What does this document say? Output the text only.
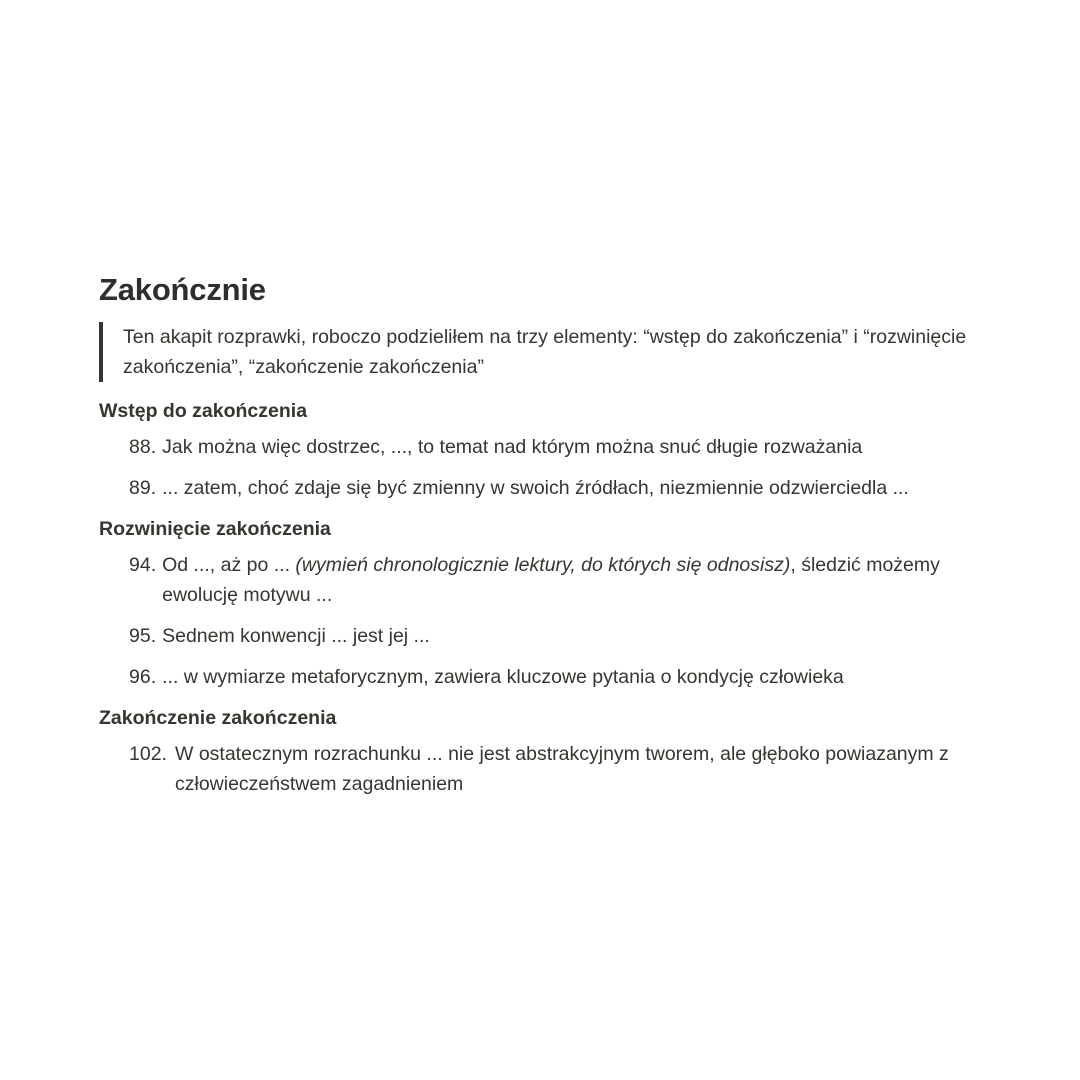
Zakończnie
Ten akapit rozprawki, roboczo podzieliłem na trzy elementy: “wstęp do zakończenia” i “rozwinięcie zakończenia”, “zakończenie zakończenia”
Wstęp do zakończenia
88. Jak można więc dostrzec, ..., to temat nad którym można snuć długie rozważania
89. ... zatem, choć zdaje się być zmienny w swoich źródłach, niezmiennie odzwierciedla ...
Rozwinięcie zakończenia
94. Od ..., aż po ... (wymień chronologicznie lektury, do których się odnosisz), śledzić możemy ewolucję motywu ...
95. Sednem konwencji ... jest jej ...
96. ... w wymiarze metaforycznym, zawiera kluczowe pytania o kondycję człowieka
Zakończenie zakończenia
102. W ostatecznym rozrachunku ... nie jest abstrakcyjnym tworem, ale głęboko powiazanym z człowieczeństwem zagadnieniem
